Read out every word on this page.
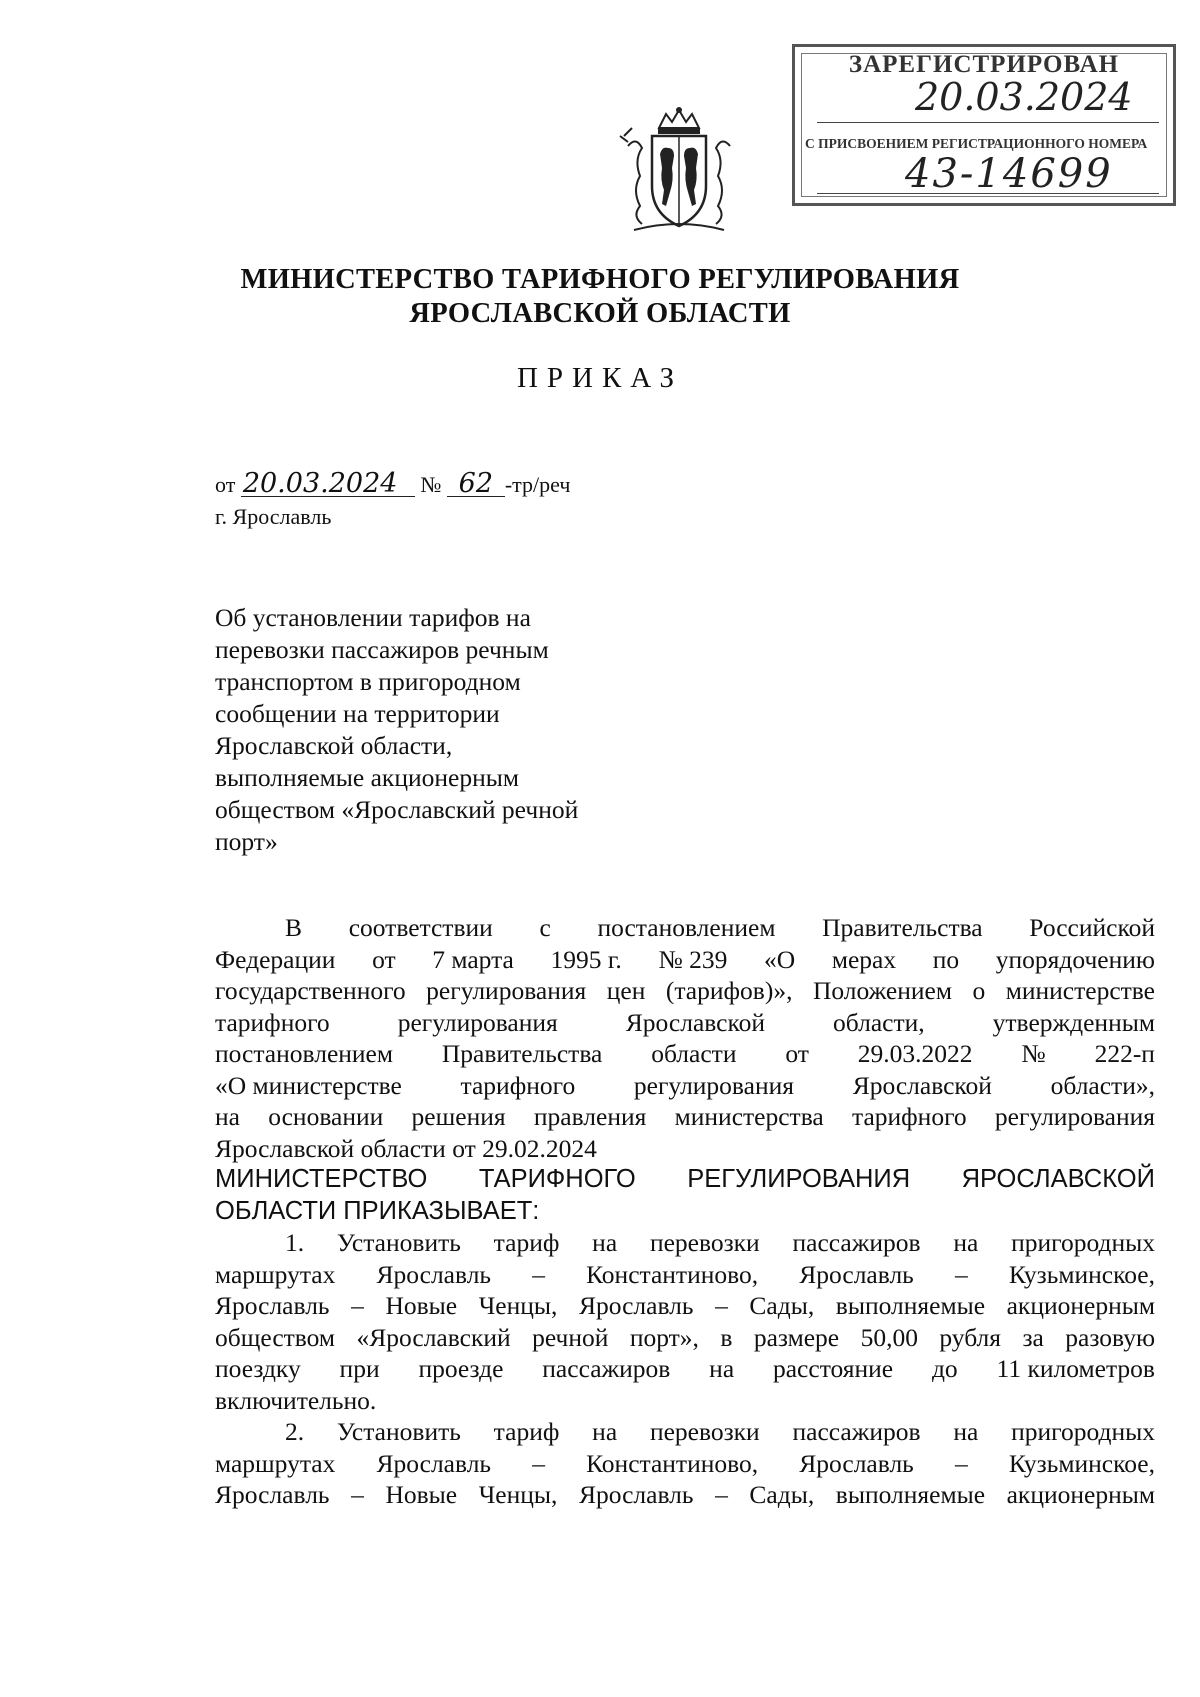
ЗАРЕГИСТРИРОВАН
20.03.2024
С ПРИСВОЕНИЕМ РЕГИСТРАЦИОННОГО НОМЕРА
43-14699
МИНИСТЕРСТВО ТАРИФНОГО РЕГУЛИРОВАНИЯ
ЯРОСЛАВСКОЙ ОБЛАСТИ
ПРИКАЗ
от 20.03.2024 № 62 -тр/реч
г. Ярославль
Об установлении тарифов на
перевозки пассажиров речным
транспортом в пригородном
сообщении на территории
Ярославской области,
выполняемые акционерным
обществом «Ярославский речной
порт»
В соответствии с постановлением Правительства Российской
Федерации от 7 марта 1995 г. № 239 «О мерах по упорядочению
государственного регулирования цен (тарифов)», Положением о министерстве
тарифного	регулирования	Ярославской	области,	утвержденным
постановлением Правительства области от 29.03.2022 № 222-п
«О министерстве тарифного регулирования Ярославской области»,
на основании решения правления министерства тарифного регулирования
Ярославской области от 29.02.2024
МИНИСТЕРСТВО ТАРИФНОГО РЕГУЛИРОВАНИЯ ЯРОСЛАВСКОЙ
ОБЛАСТИ ПРИКАЗЫВАЕТ:
1. Установить тариф на перевозки пассажиров на пригородных
маршрутах Ярославль – Константиново, Ярославль – Кузьминское,
Ярославль – Новые Ченцы, Ярославль – Сады, выполняемые акционерным
обществом «Ярославский речной порт», в размере 50,00 рубля за разовую
поездку при проезде пассажиров на расстояние до 11 километров
включительно.
2. Установить тариф на перевозки пассажиров на пригородных
маршрутах Ярославль – Константиново, Ярославль – Кузьминское,
Ярославль – Новые Ченцы, Ярославль – Сады, выполняемые акционерным
